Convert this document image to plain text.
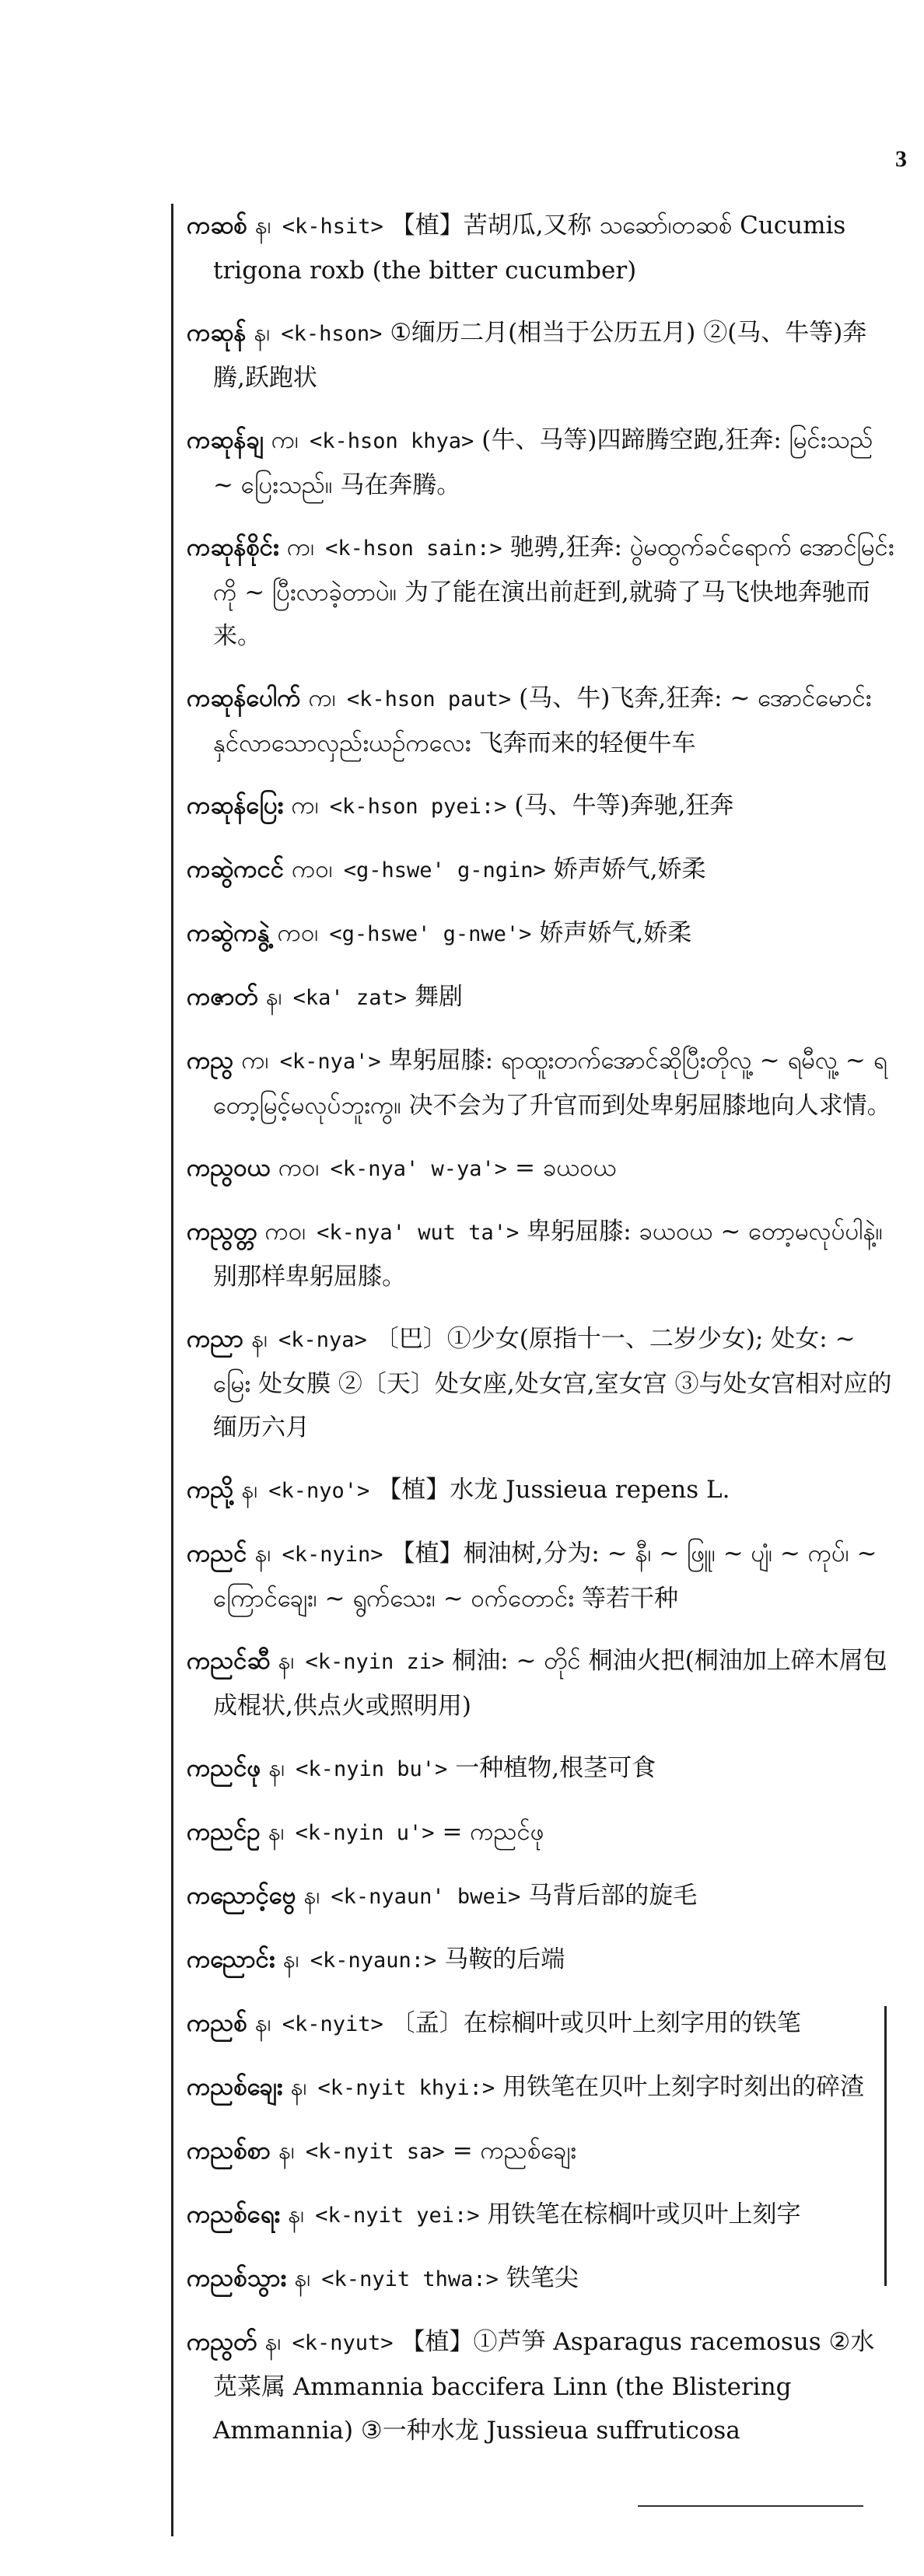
3
ကဆစ် န၊ <k-hsit> 【植】苦胡瓜,又称 သဆော်၊တဆစ် Cucumis trigona roxb (the bitter cucumber)
ကဆုန် န၊ <k-hson> ①缅历二月(相当于公历五月) ②(马、牛等)奔腾,跃跑状
ကဆုန်ချ က၊ <k-hson khya> (牛、马等)四蹄腾空跑,狂奔: မြင်းသည် ~ ပြေးသည်။ 马在奔腾。
ကဆုန်စိုင်း က၊ <k-hson sain:> 驰骋,狂奔: ပွဲမထွက်ခင်ရောက် အောင်မြင်းကို ~ ပြီးလာခဲ့တာပဲ။ 为了能在演出前赶到,就骑了马飞快地奔驰而来。
ကဆုန်ပေါက် က၊ <k-hson paut> (马、牛)飞奔,狂奔: ~ အောင်မောင်းနှင်လာသောလှည်းယဉ်ကလေး 飞奔而来的轻便牛车
ကဆုန်ပြေး က၊ <k-hson pyei:> (马、牛等)奔驰,狂奔
ကဆွဲကငင် ကဝ၊ <g-hswe' g-ngin> 娇声娇气,娇柔
ကဆွဲကနွဲ့ ကဝ၊ <g-hswe' g-nwe'> 娇声娇气,娇柔
ကဇာတ် န၊ <ka' zat> 舞剧
ကညွ က၊ <k-nya'> 卑躬屈膝: ရာထူးတက်အောင်ဆိုပြီးတိုလူ့ ~ ရမီလူ့ ~ ရတော့မြင့်မလုပ်ဘူးကွ။ 决不会为了升官而到处卑躬屈膝地向人求情。
ကညွဝယ ကဝ၊ <k-nya' w-ya'> = ခယဝယ
ကညွတ္တ ကဝ၊ <k-nya' wut ta'> 卑躬屈膝: ခယဝယ ~ တော့မလုပ်ပါနဲ့။ 别那样卑躬屈膝。
ကညာ န၊ <k-nya> 〔巴〕①少女(原指十一、二岁少女); 处女: ~ မြေး 处女膜 ②〔天〕处女座,处女宫,室女宫 ③与处女宫相对应的缅历六月
ကညို့ န၊ <k-nyo'> 【植】水龙 Jussieua repens L.
ကညင် န၊ <k-nyin> 【植】桐油树,分为: ~ နီ၊ ~ ဖြူ၊ ~ ပျံ၊ ~ ကုပ်၊ ~ ကြောင်ချေး၊ ~ ရွက်သေး၊ ~ ဝက်တောင်း 等若干种
ကညင်ဆီ န၊ <k-nyin zi> 桐油: ~ တိုင် 桐油火把(桐油加上碎木屑包成棍状,供点火或照明用)
ကညင်ဖု န၊ <k-nyin bu'> 一种植物,根茎可食
ကညင်ဥ န၊ <k-nyin u'> = ကညင်ဖု
ကညောင့်ဗွေ န၊ <k-nyaun' bwei> 马背后部的旋毛
ကညောင်း န၊ <k-nyaun:> 马鞍的后端
ကညစ် န၊ <k-nyit> 〔孟〕在棕榈叶或贝叶上刻字用的铁笔
ကညစ်ချေး န၊ <k-nyit khyi:> 用铁笔在贝叶上刻字时刻出的碎渣
ကညစ်စာ န၊ <k-nyit sa> = ကညစ်ချေး
ကညစ်ရေး န၊ <k-nyit yei:> 用铁笔在棕榈叶或贝叶上刻字
ကညစ်သွား န၊ <k-nyit thwa:> 铁笔尖
ကညွတ် န၊ <k-nyut> 【植】①芦笋 Asparagus racemosus ②水苋菜属 Ammannia baccifera Linn (the Blistering Ammannia) ③一种水龙 Jussieua suffruticosa
